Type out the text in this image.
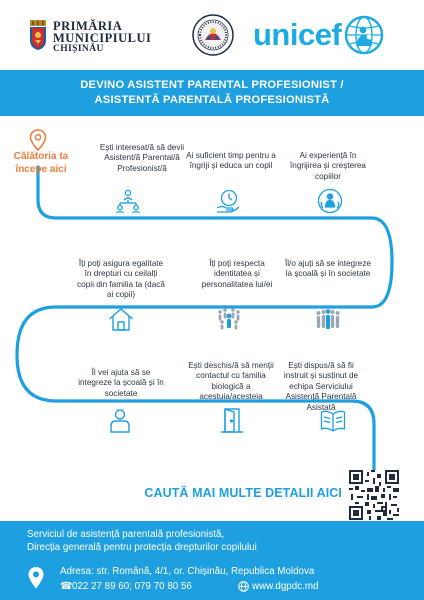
PRIMĂRIA
MUNICIPIULUI
CHIȘINĂU	unicef
DEVINO ASISTENT PARENTAL PROFESIONIST /
ASISTENTĂ PARENTALĂ PROFESIONISTĂ
Călătoria ta începe aici
Ești interesat/ă să devii Asistent/ă Parental/ă Profesionist/ă
Ai suficient timp pentru a îngriji și educa un copil
Ai experiență în îngrijirea și creșterea copiilor
Îți poți asigura egalitate în drepturi cu ceilalți copii din familia ta (dacă ai copii)
Îți poți respecta identitatea și personalitatea lui/ei
Îl/o ajuți să se integreze la școală și în societate
Îl vei ajuta să se integreze la școală și în societate
Ești deschis/ă să menții contactul cu familia biologică a acestuia/acesteia
Ești dispus/ă să fii instruit și susținut de echipa Serviciului Asistență Parentală Asistată
CAUTĂ MAI MULTE DETALII AICI
Serviciul de asistență parentală profesionistă,
Direcția generală pentru protecția drepturilor copilului
Adresa: str. Română, 4/1, or. Chișinău, Republica Moldova
☎ 022 27 89 60; 079 70 80 56	www.dgpdc.md
